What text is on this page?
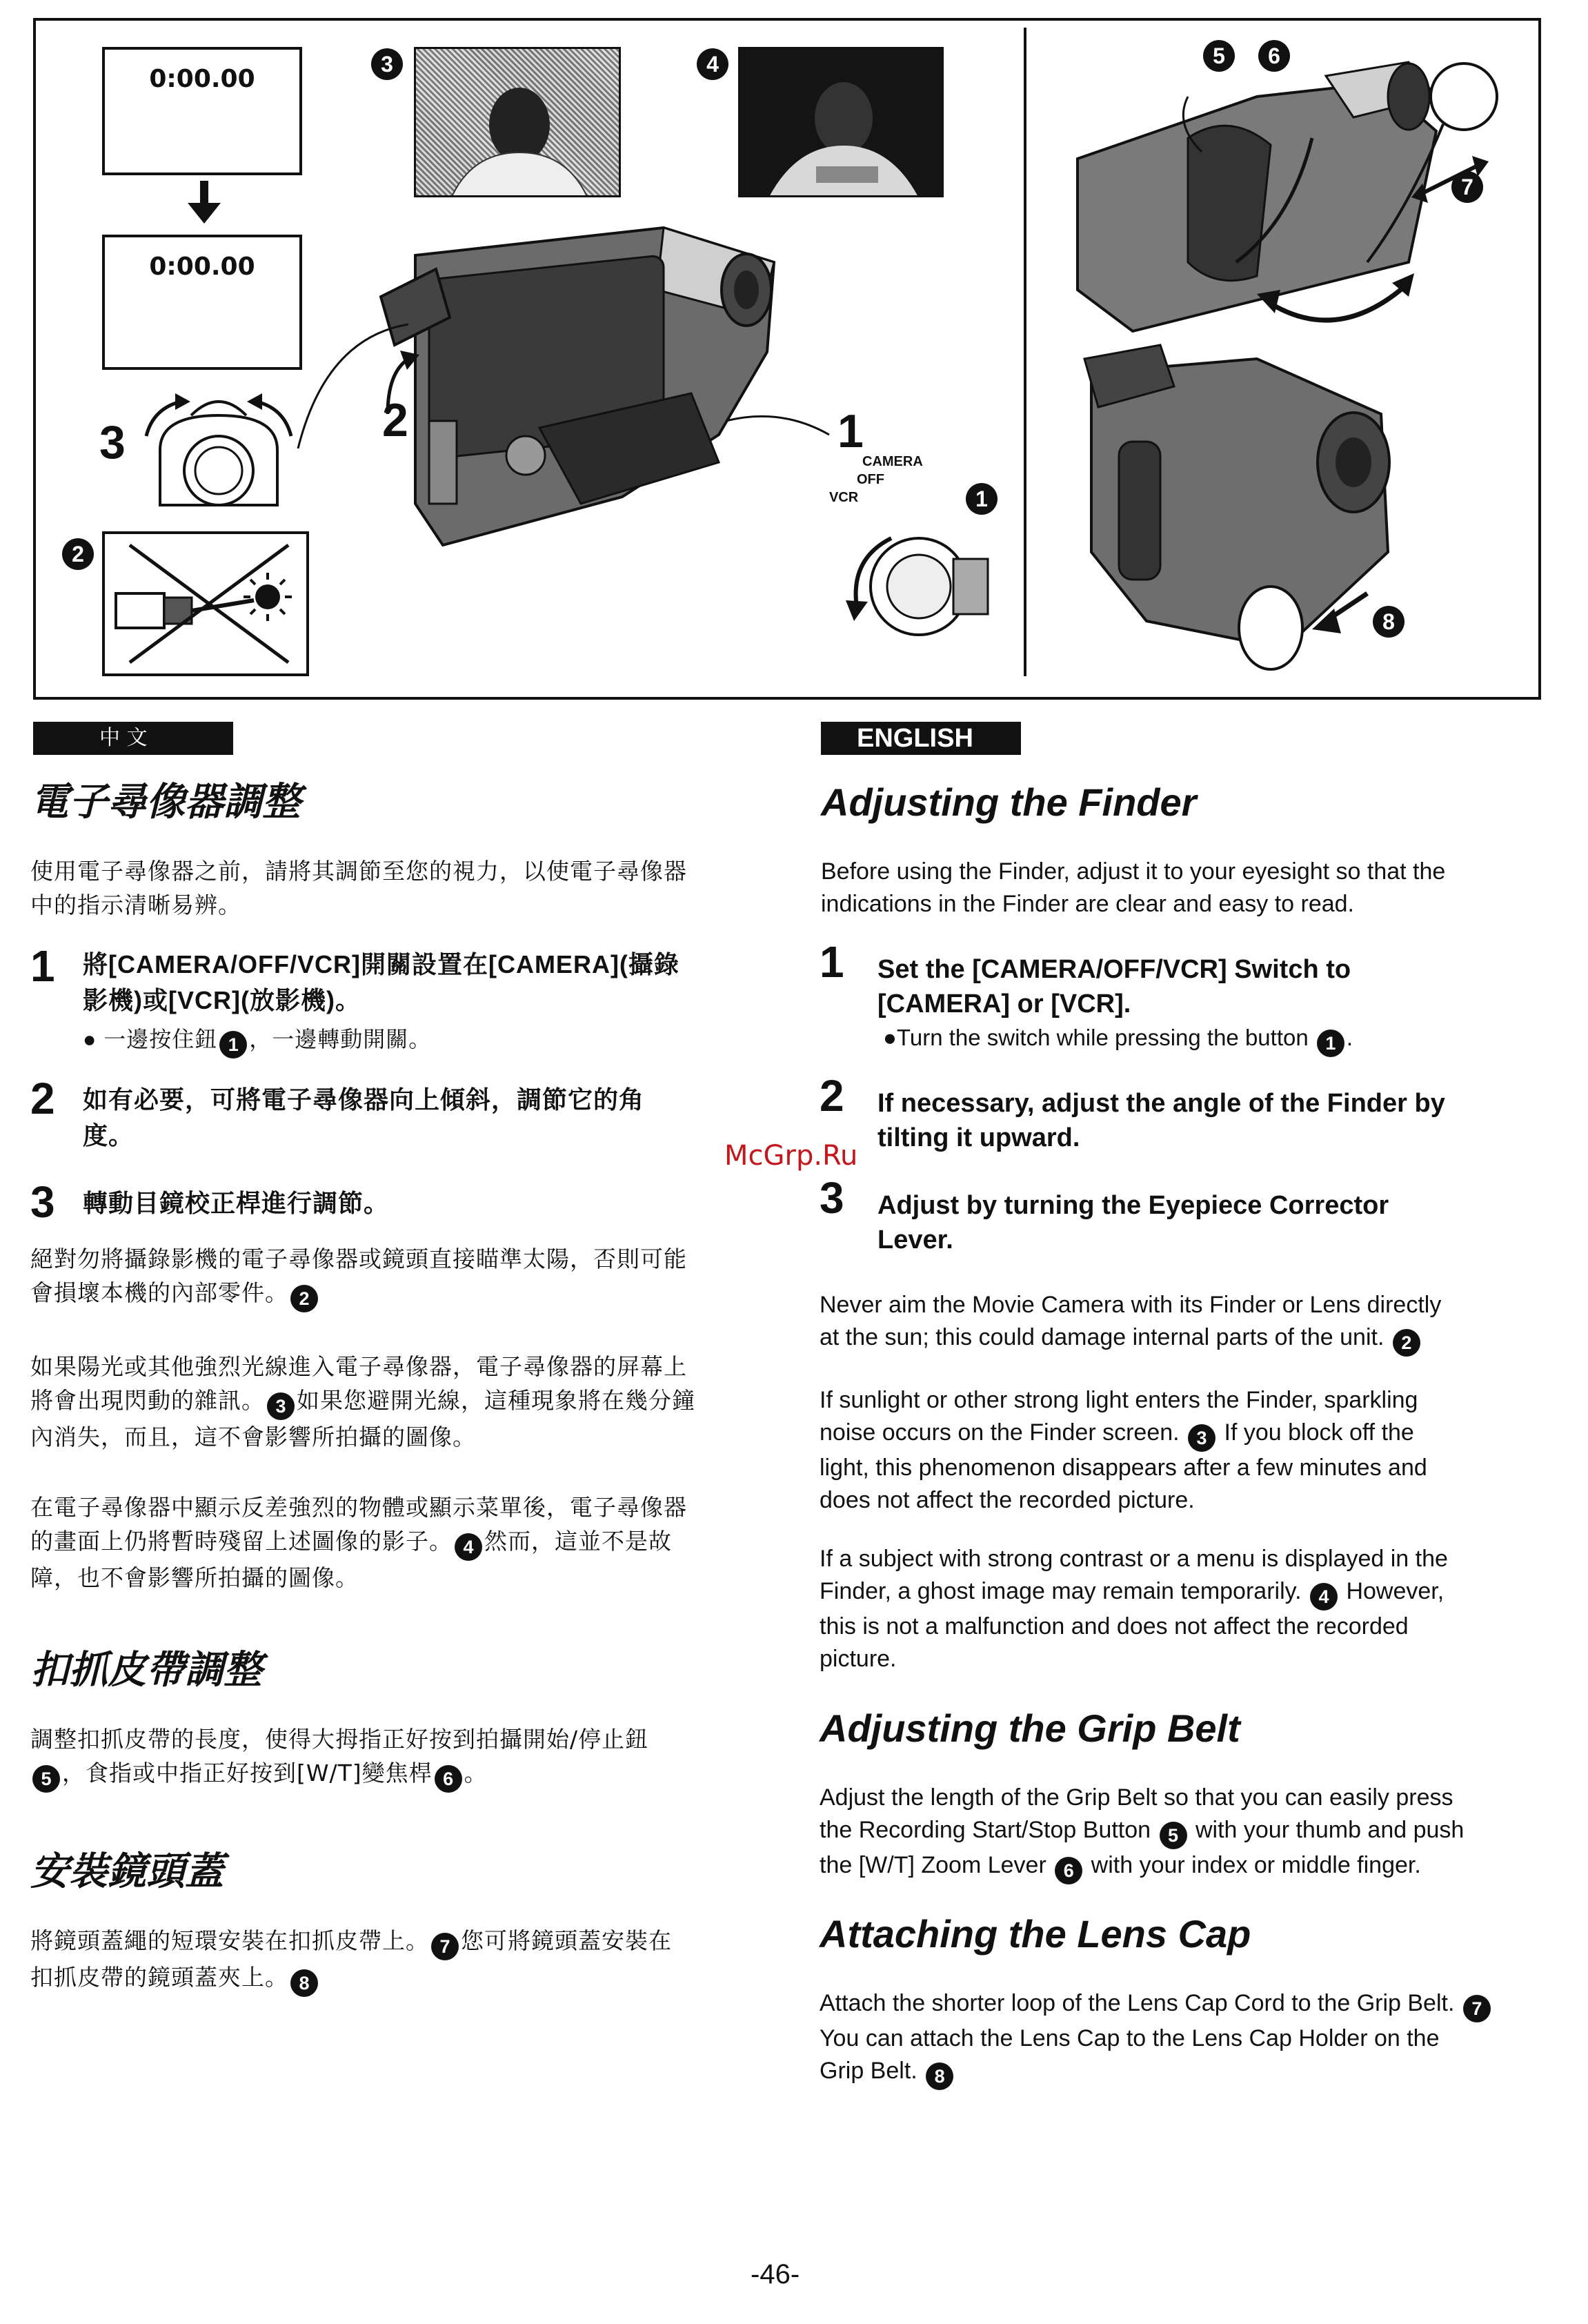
0:00.00
0:00.00
3
2
3	4
2	1
CAMERA
OFF
VCR	1
5	6
7
8
中 文
電子尋像器調整
使用電子尋像器之前，請將其調節至您的視力，以使電子尋像器
中的指示清晰易辨。
1 將[CAMERA/OFF/VCR]開關設置在[CAMERA](攝錄
影機)或[VCR](放影機)。
● 一邊按住鈕 1 ，一邊轉動開關。
2 如有必要，可將電子尋像器向上傾斜，調節它的角
度。
3 轉動目鏡校正桿進行調節。
絕對勿將攝錄影機的電子尋像器或鏡頭直接瞄準太陽，否則可能
會損壞本機的內部零件。 2
如果陽光或其他強烈光線進入電子尋像器，電子尋像器的屏幕上
將會出現閃動的雜訊。 3 如果您避開光線，這種現象將在幾分鐘
內消失，而且，這不會影響所拍攝的圖像。
在電子尋像器中顯示反差強烈的物體或顯示菜單後，電子尋像器
的畫面上仍將暫時殘留上述圖像的影子。 4 然而，這並不是故
障，也不會影響所拍攝的圖像。
扣抓皮帶調整
調整扣抓皮帶的長度，使得大拇指正好按到拍攝開始/停止鈕
5 ，食指或中指正好按到[W/T]變焦桿 6 。
安裝鏡頭蓋
將鏡頭蓋繩的短環安裝在扣抓皮帶上。 7 您可將鏡頭蓋安裝在
扣抓皮帶的鏡頭蓋夾上。 8
McGrp.Ru
ENGLISH
Adjusting the Finder
Before using the Finder, adjust it to your eyesight so that the
indications in the Finder are clear and easy to read.
1 Set the [CAMERA/OFF/VCR] Switch to
[CAMERA] or [VCR].
●Turn the switch while pressing the button 1 .
2 If necessary, adjust the angle of the Finder by
tilting it upward.
3 Adjust by turning the Eyepiece Corrector
Lever.
Never aim the Movie Camera with its Finder or Lens directly
at the sun; this could damage internal parts of the unit. 2
If sunlight or other strong light enters the Finder, sparkling
noise occurs on the Finder screen. 3 If you block off the
light, this phenomenon disappears after a few minutes and
does not affect the recorded picture.
If a subject with strong contrast or a menu is displayed in the
Finder, a ghost image may remain temporarily. 4 However,
this is not a malfunction and does not affect the recorded
picture.
Adjusting the Grip Belt
Adjust the length of the Grip Belt so that you can easily press
the Recording Start/Stop Button 5 with your thumb and push
the [W/T] Zoom Lever 6 with your index or middle finger.
Attaching the Lens Cap
Attach the shorter loop of the Lens Cap Cord to the Grip Belt. 7
You can attach the Lens Cap to the Lens Cap Holder on the
Grip Belt. 8
-46-
